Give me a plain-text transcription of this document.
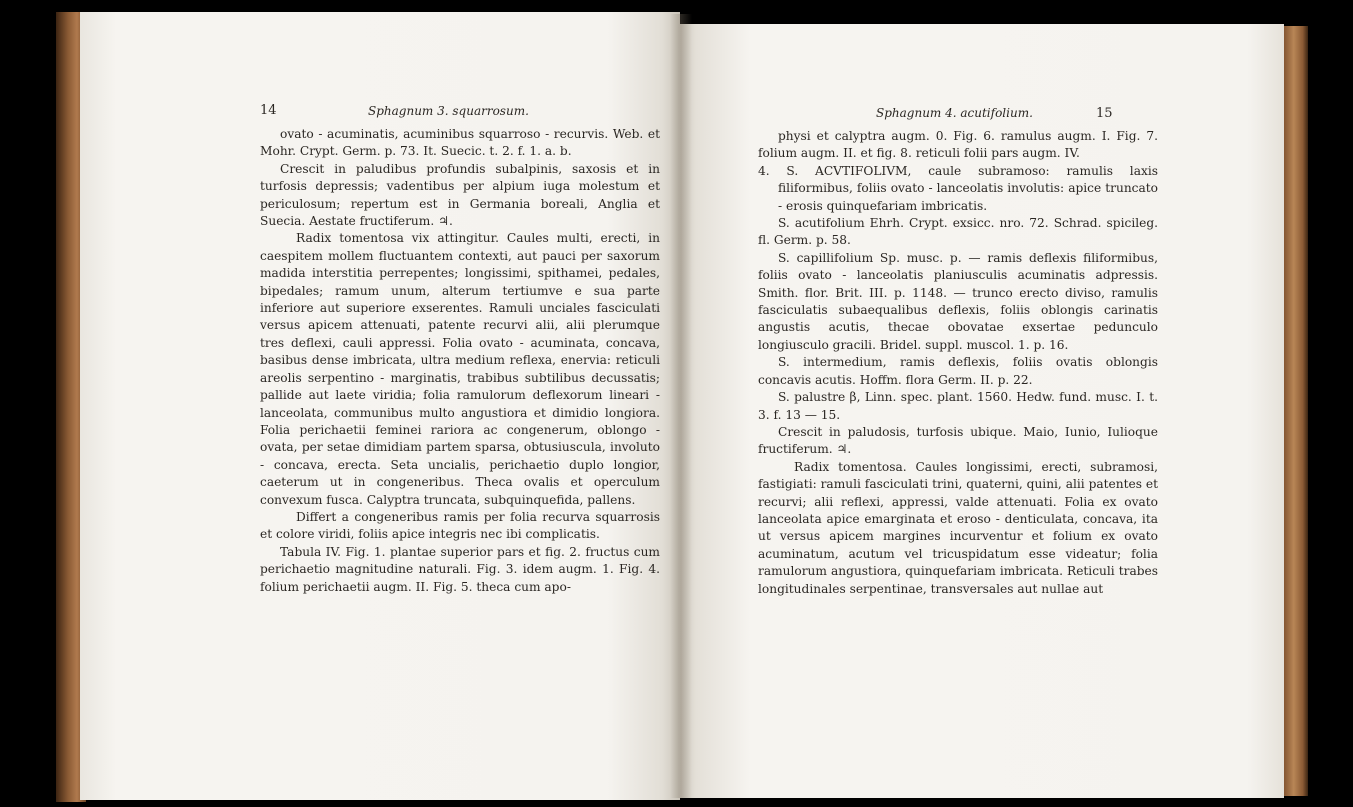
14	Sphagnum 3. squarrosum.

ovato - acuminatis, acuminibus squarroso - recurvis. Web. et Mohr. Crypt. Germ. p. 73. It. Suecic. t. 2. f. 1. a. b.

Crescit in paludibus profundis subalpinis, saxosis et in turfosis depressis; vadentibus per alpium iuga molestum et periculosum; repertum est in Germania boreali, Anglia et Suecia. Aestate fructiferum. ♃.

Radix tomentosa vix attingitur. Caules multi, erecti, in caespitem mollem fluctuantem contexti, aut pauci per saxorum madida interstitia perrepentes; longissimi, spithamei, pedales, bipedales; ramum unum, alterum tertiumve e sua parte inferiore aut superiore exserentes. Ramuli unciales fasciculati versus apicem attenuati, patente recurvi alii, alii plerumque tres deflexi, cauli appressi. Folia ovato - acuminata, concava, basibus dense imbricata, ultra medium reflexa, enervia: reticuli areolis serpentino - marginatis, trabibus subtilibus decussatis; pallide aut laete viridia; folia ramulorum deflexorum lineari - lanceolata, communibus multo angustiora et dimidio longiora. Folia perichaetii feminei rariora ac congenerum, oblongo - ovata, per setae dimidiam partem sparsa, obtusiuscula, involuto - concava, erecta. Seta uncialis, perichaetio duplo longior, caeterum ut in congeneribus. Theca ovalis et operculum convexum fusca. Calyptra truncata, subquinquefida, pallens.

Differt a congeneribus ramis per folia recurva squarrosis et colore viridi, foliis apice integris nec ibi complicatis.

Tabula IV. Fig. 1. plantae superior pars et fig. 2. fructus cum perichaetio magnitudine naturali. Fig. 3. idem augm. 1. Fig. 4. folium perichaetii augm. II. Fig. 5. theca cum apo-

Sphagnum 4. acutifolium.	15

physi et calyptra augm. 0. Fig. 6. ramulus augm. I. Fig. 7. folium augm. II. et fig. 8. reticuli folii pars augm. IV.

4. S. ACVTIFOLIVM, caule subramoso: ramulis laxis filiformibus, foliis ovato - lanceolatis involutis: apice truncato - erosis quinquefariam imbricatis.

S. acutifolium Ehrh. Crypt. exsicc. nro. 72. Schrad. spicileg. fl. Germ. p. 58.

S. capillifolium Sp. musc. p. — ramis deflexis filiformibus, foliis ovato - lanceolatis planiusculis acuminatis adpressis. Smith. flor. Brit. III. p. 1148. — trunco erecto diviso, ramulis fasciculatis subaequalibus deflexis, foliis oblongis carinatis angustis acutis, thecae obovatae exsertae pedunculo longiusculo gracili. Bridel. suppl. muscol. 1. p. 16.

S. intermedium, ramis deflexis, foliis ovatis oblongis concavis acutis. Hoffm. flora Germ. II. p. 22.

S. palustre β, Linn. spec. plant. 1560. Hedw. fund. musc. I. t. 3. f. 13 — 15.

Crescit in paludosis, turfosis ubique. Maio, Iunio, Iulioque fructiferum. ♃.

Radix tomentosa. Caules longissimi, erecti, subramosi, fastigiati: ramuli fasciculati trini, quaterni, quini, alii patentes et recurvi; alii reflexi, appressi, valde attenuati. Folia ex ovato lanceolata apice emarginata et eroso - denticulata, concava, ita ut versus apicem margines incurventur et folium ex ovato acuminatum, acutum vel tricuspidatum esse videatur; folia ramulorum angustiora, quinquefariam imbricata. Reticuli trabes longitudinales serpentinae, transversales aut nullae aut
